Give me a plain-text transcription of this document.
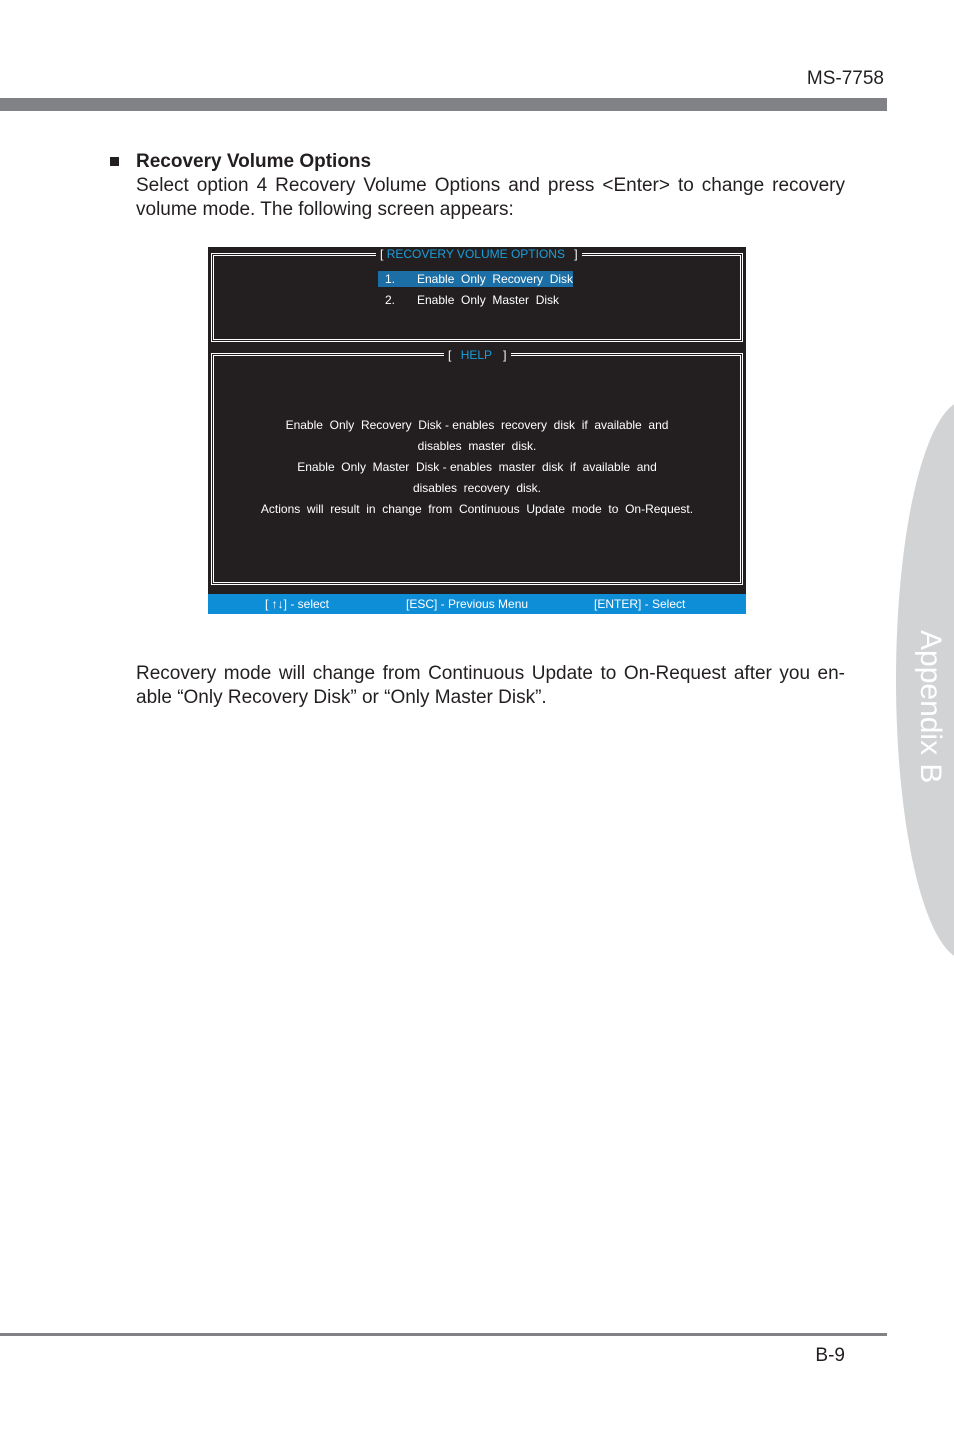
MS-7758
Recovery Volume Options
Select option 4 Recovery Volume Options and press <Enter> to change recovery volume mode. The following screen appears:
[ RECOVERY VOLUME OPTIONS ]
1. Enable  Only  Recovery  Disk
2. Enable  Only  Master  Disk
[ HELP ]
Enable  Only  Recovery  Disk - enables  recovery  disk  if  available  and
disables  master  disk.
Enable  Only  Master  Disk - enables  master  disk  if  available  and
disables  recovery  disk.
Actions  will  result  in  change  from  Continuous  Update  mode  to  On-Request.
[ ↑↓] - select	[ESC] - Previous Menu	[ENTER] - Select
Recovery mode will change from Continuous Update to On-Request after you en-able “Only Recovery Disk” or “Only Master Disk”.	Appendix B
B-9
